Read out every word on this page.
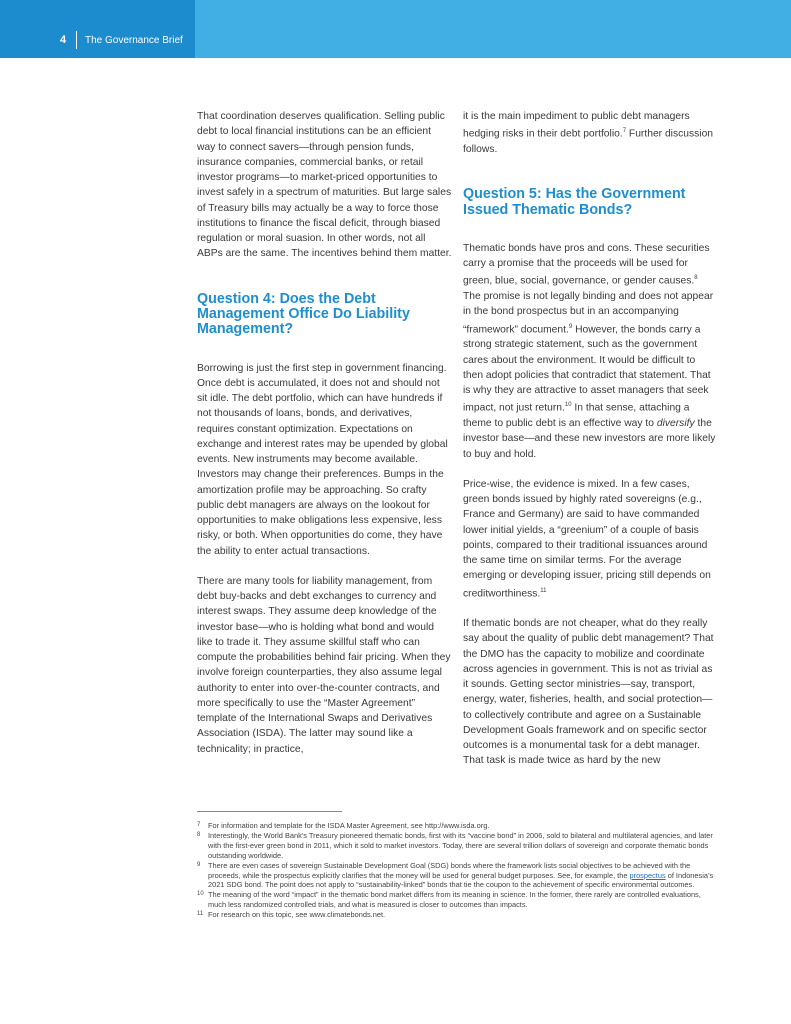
4 The Governance Brief

That coordination deserves qualification. Selling public debt to local financial institutions can be an efficient way to connect savers—through pension funds, insurance companies, commercial banks, or retail investor programs—to market-priced opportunities to invest safely in a spectrum of maturities. But large sales of Treasury bills may actually be a way to force those institutions to finance the fiscal deficit, through biased regulation or moral suasion. In other words, not all ABPs are the same. The incentives behind them matter.

Question 4: Does the Debt Management Office Do Liability Management?

Borrowing is just the first step in government financing. Once debt is accumulated, it does not and should not sit idle. The debt portfolio, which can have hundreds if not thousands of loans, bonds, and derivatives, requires constant optimization. Expectations on exchange and interest rates may be upended by global events. New instruments may become available. Investors may change their preferences. Bumps in the amortization profile may be approaching. So crafty public debt managers are always on the lookout for opportunities to make obligations less expensive, less risky, or both. When opportunities do come, they have the ability to enter actual transactions.

There are many tools for liability management, from debt buy-backs and debt exchanges to currency and interest swaps. They assume deep knowledge of the investor base—who is holding what bond and would like to trade it. They assume skillful staff who can compute the probabilities behind fair pricing. When they involve foreign counterparties, they also assume legal authority to enter into over-the-counter contracts, and more specifically to use the “Master Agreement” template of the International Swaps and Derivatives Association (ISDA). The latter may sound like a technicality; in practice,

it is the main impediment to public debt managers hedging risks in their debt portfolio.$^7$ Further discussion follows.

Question 5: Has the Government Issued Thematic Bonds?

Thematic bonds have pros and cons. These securities carry a promise that the proceeds will be used for green, blue, social, governance, or gender causes.$^8$ The promise is not legally binding and does not appear in the bond prospectus but in an accompanying “framework” document.$^9$ However, the bonds carry a strong strategic statement, such as the government cares about the environment. It would be difficult to then adopt policies that contradict that statement. That is why they are attractive to asset managers that seek impact, not just return.$^{10}$ In that sense, attaching a theme to public debt is an effective way to diversify the investor base—and these new investors are more likely to buy and hold.

Price-wise, the evidence is mixed. In a few cases, green bonds issued by highly rated sovereigns (e.g., France and Germany) are said to have commanded lower initial yields, a “greenium” of a couple of basis points, compared to their traditional issuances around the same time on similar terms. For the average emerging or developing issuer, pricing still depends on creditworthiness.$^{11}$

If thematic bonds are not cheaper, what do they really say about the quality of public debt management? That the DMO has the capacity to mobilize and coordinate across agencies in government. This is not as trivial as it sounds. Getting sector ministries—say, transport, energy, water, fisheries, health, and social protection—to collectively contribute and agree on a Sustainable Development Goals framework and on specific sector outcomes is a monumental task for a debt manager. That task is made twice as hard by the new

7 For information and template for the ISDA Master Agreement, see http://www.isda.org.
8 Interestingly, the World Bank’s Treasury pioneered thematic bonds, first with its “vaccine bond” in 2006, sold to bilateral and multilateral agencies, and later with the first-ever green bond in 2011, which it sold to market investors. Today, there are several trillion dollars of sovereign and corporate thematic bonds outstanding worldwide.
9 There are even cases of sovereign Sustainable Development Goal (SDG) bonds where the framework lists social objectives to be achieved with the proceeds, while the prospectus explicitly clarifies that the money will be used for general budget purposes. See, for example, the prospectus of Indonesia’s 2021 SDG bond. The point does not apply to “sustainability-linked” bonds that tie the coupon to the achievement of specific environmental outcomes.
10 The meaning of the word “impact” in the thematic bond market differs from its meaning in science. In the former, there rarely are controlled evaluations, much less randomized controlled trials, and what is measured is closer to outcomes than impacts.
11 For research on this topic, see www.climatebonds.net.
